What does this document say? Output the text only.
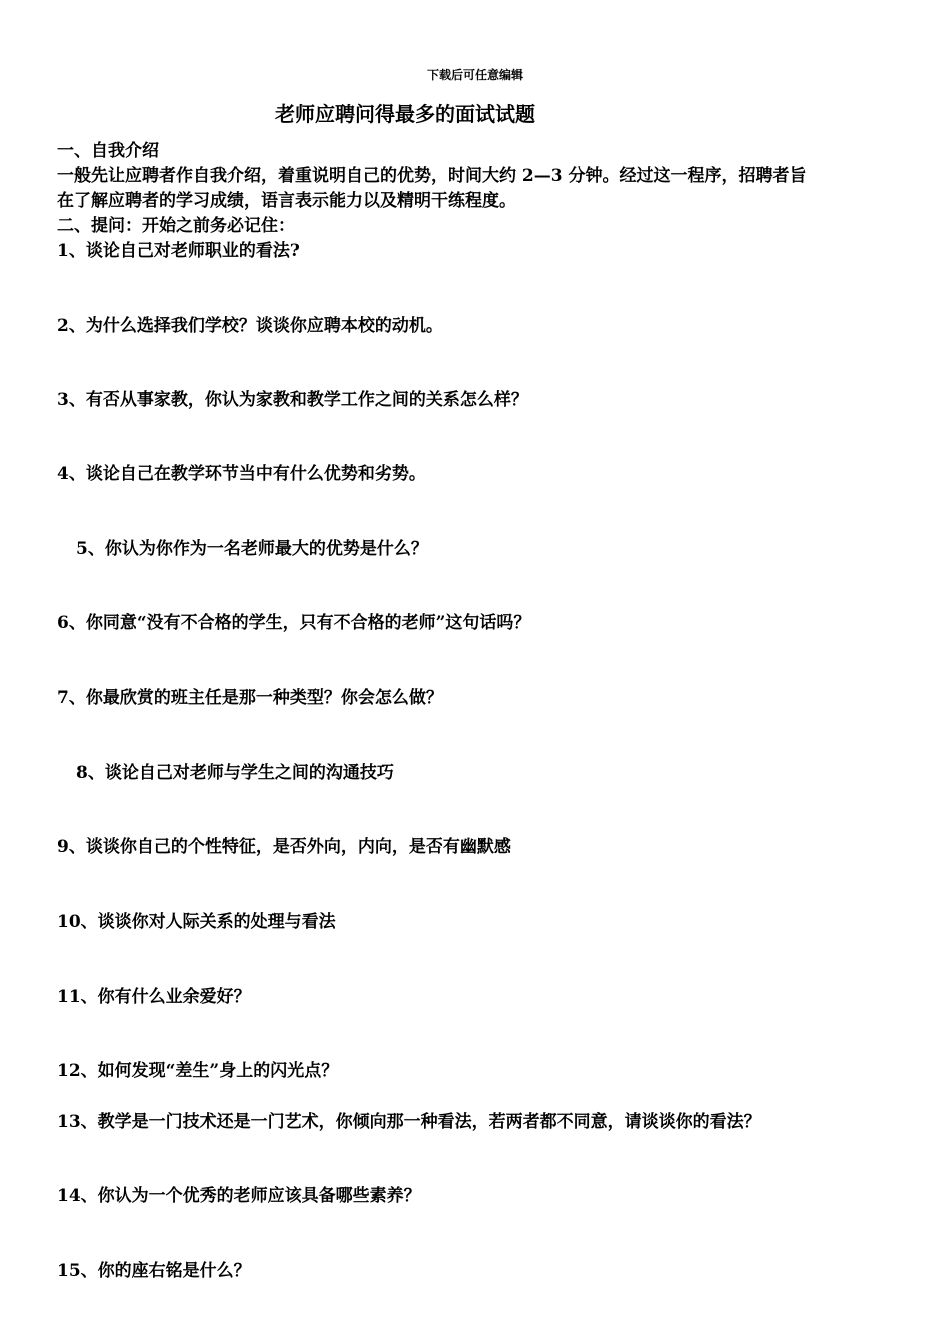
下载后可任意编辑
老师应聘问得最多的面试试题
一、自我介绍
一般先让应聘者作自我介绍，着重说明自己的优势，时间大约 2—3 分钟。经过这一程序，招聘者旨
在了解应聘者的学习成绩，语言表示能力以及精明干练程度。
二、提问：开始之前务必记住：
1、谈论自己对老师职业的看法?
2、为什么选择我们学校？谈谈你应聘本校的动机。
3、有否从事家教，你认为家教和教学工作之间的关系怎么样？
4、谈论自己在教学环节当中有什么优势和劣势。
5、你认为你作为一名老师最大的优势是什么？
6、你同意“没有不合格的学生，只有不合格的老师”这句话吗？
7、你最欣赏的班主任是那一种类型？你会怎么做？
8、谈论自己对老师与学生之间的沟通技巧
9、谈谈你自己的个性特征，是否外向，内向，是否有幽默感
10、谈谈你对人际关系的处理与看法
11、你有什么业余爱好？
12、如何发现“差生”身上的闪光点？
13、教学是一门技术还是一门艺术，你倾向那一种看法，若两者都不同意，请谈谈你的看法？
14、你认为一个优秀的老师应该具备哪些素养？
15、你的座右铭是什么？
